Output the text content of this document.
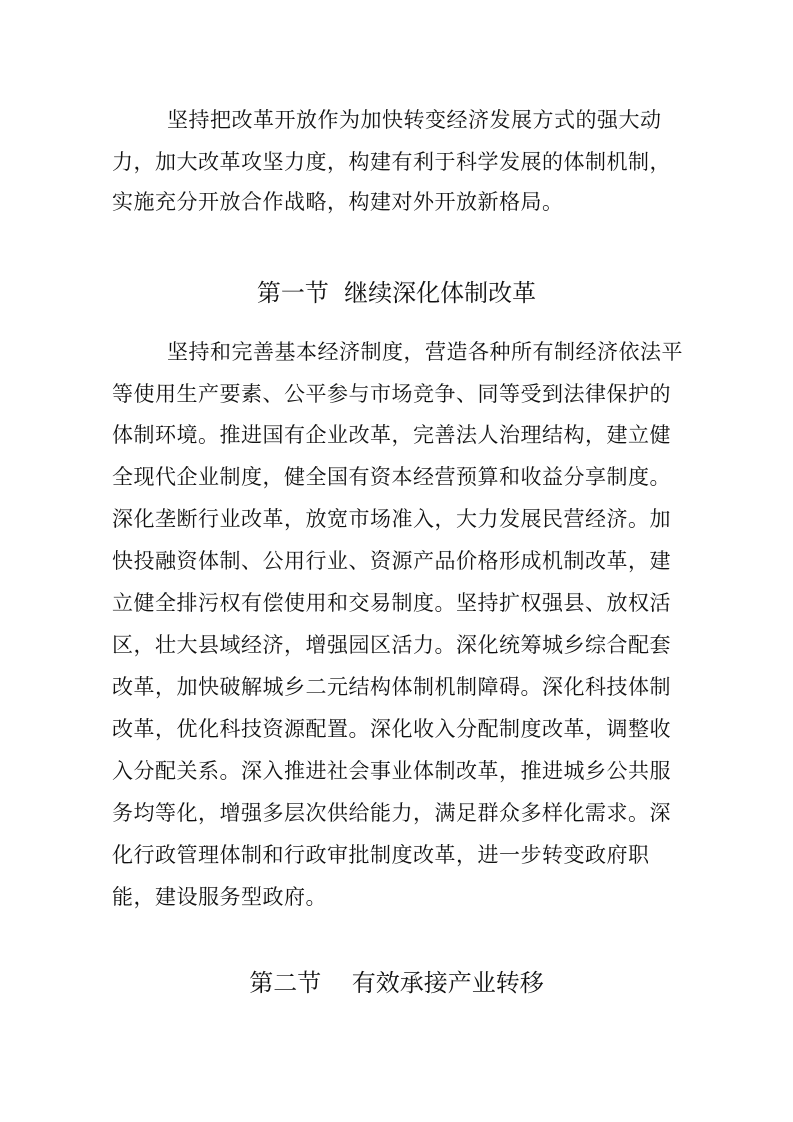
坚持把改革开放作为加快转变经济发展方式的强大动
力，加大改革攻坚力度，构建有利于科学发展的体制机制，
实施充分开放合作战略，构建对外开放新格局。
第一节  继续深化体制改革
坚持和完善基本经济制度，营造各种所有制经济依法平
等使用生产要素、公平参与市场竞争、同等受到法律保护的
体制环境。推进国有企业改革，完善法人治理结构，建立健
全现代企业制度，健全国有资本经营预算和收益分享制度。
深化垄断行业改革，放宽市场准入，大力发展民营经济。加
快投融资体制、公用行业、资源产品价格形成机制改革，建
立健全排污权有偿使用和交易制度。坚持扩权强县、放权活
区，壮大县域经济，增强园区活力。深化统筹城乡综合配套
改革，加快破解城乡二元结构体制机制障碍。深化科技体制
改革，优化科技资源配置。深化收入分配制度改革，调整收
入分配关系。深入推进社会事业体制改革，推进城乡公共服
务均等化，增强多层次供给能力，满足群众多样化需求。深
化行政管理体制和行政审批制度改革，进一步转变政府职
能，建设服务型政府。
第二节    有效承接产业转移
